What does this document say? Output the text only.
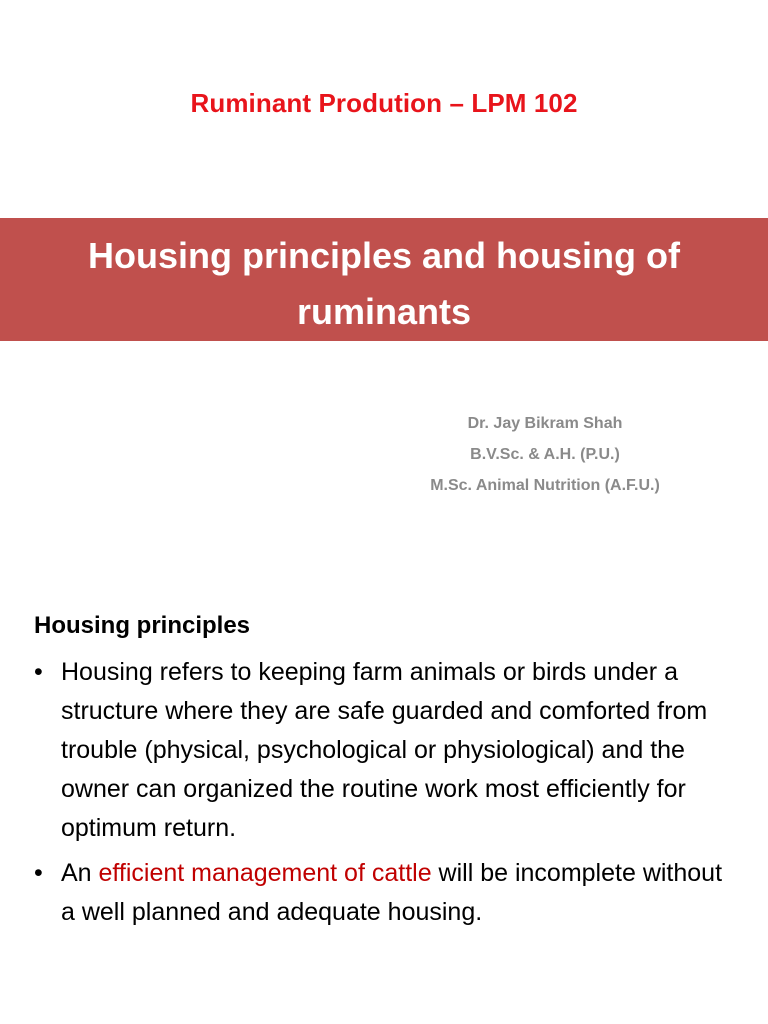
Ruminant Prodution – LPM 102
Housing principles and housing of
ruminants
Dr. Jay Bikram Shah
B.V.Sc. & A.H. (P.U.)
M.Sc. Animal Nutrition (A.F.U.)
Housing principles
• Housing refers to keeping farm animals or birds under a structure where they are safe guarded and comforted from trouble (physical, psychological or physiological) and the owner can organized the routine work most efficiently for optimum return.
• An efficient management of cattle will be incomplete without a well planned and adequate housing.
